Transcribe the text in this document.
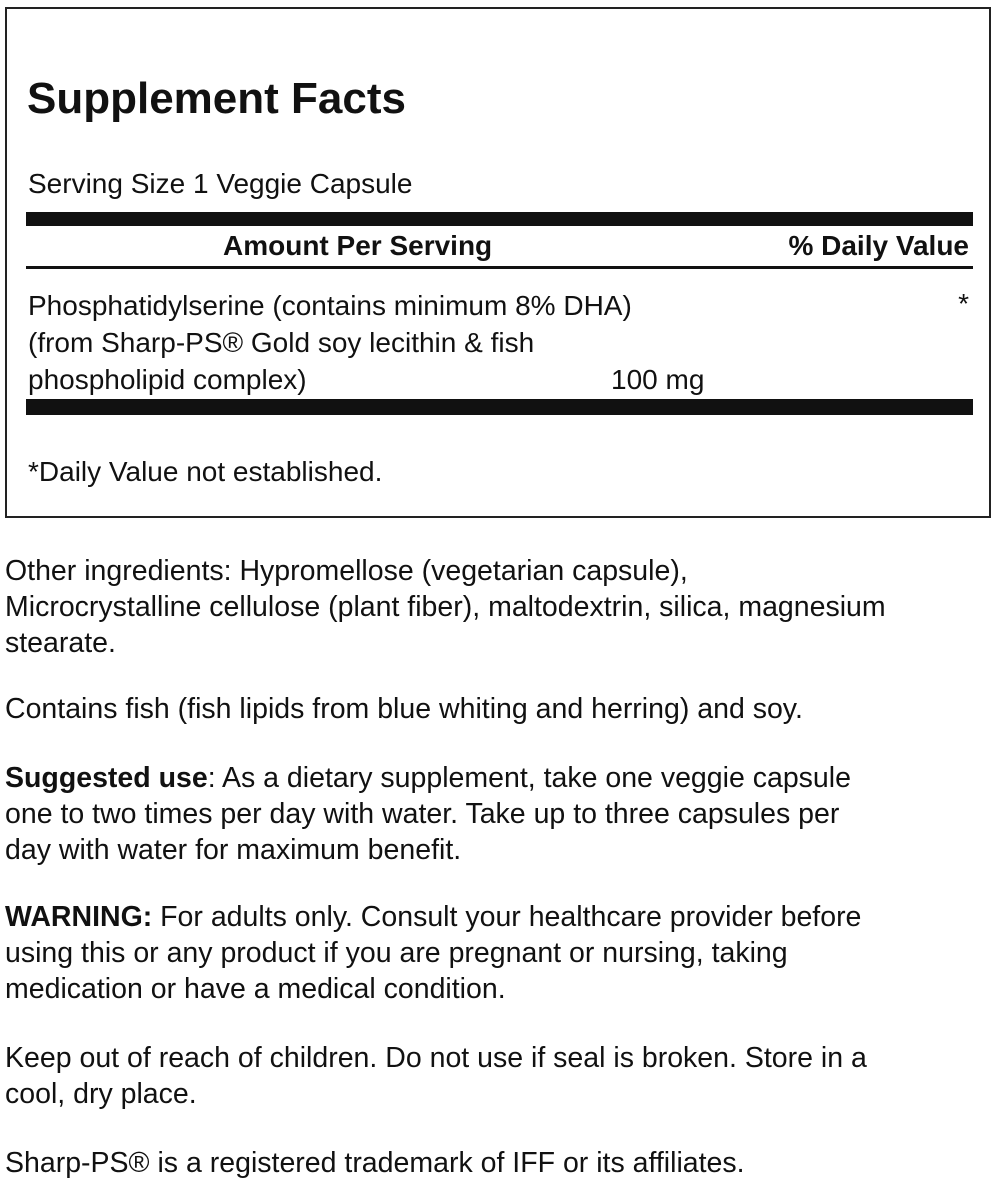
Supplement Facts
Serving Size 1 Veggie Capsule
Amount Per Serving	% Daily Value
Phosphatidylserine (contains minimum 8% DHA)
(from Sharp-PS® Gold soy lecithin & fish
phospholipid complex)	100 mg
*
*Daily Value not established.

Other ingredients: Hypromellose (vegetarian capsule),
Microcrystalline cellulose (plant fiber), maltodextrin, silica, magnesium
stearate.

Contains fish (fish lipids from blue whiting and herring) and soy.

Suggested use: As a dietary supplement, take one veggie capsule
one to two times per day with water. Take up to three capsules per
day with water for maximum benefit.

WARNING: For adults only. Consult your healthcare provider before
using this or any product if you are pregnant or nursing, taking
medication or have a medical condition.

Keep out of reach of children. Do not use if seal is broken. Store in a
cool, dry place.

Sharp-PS® is a registered trademark of IFF or its affiliates.
